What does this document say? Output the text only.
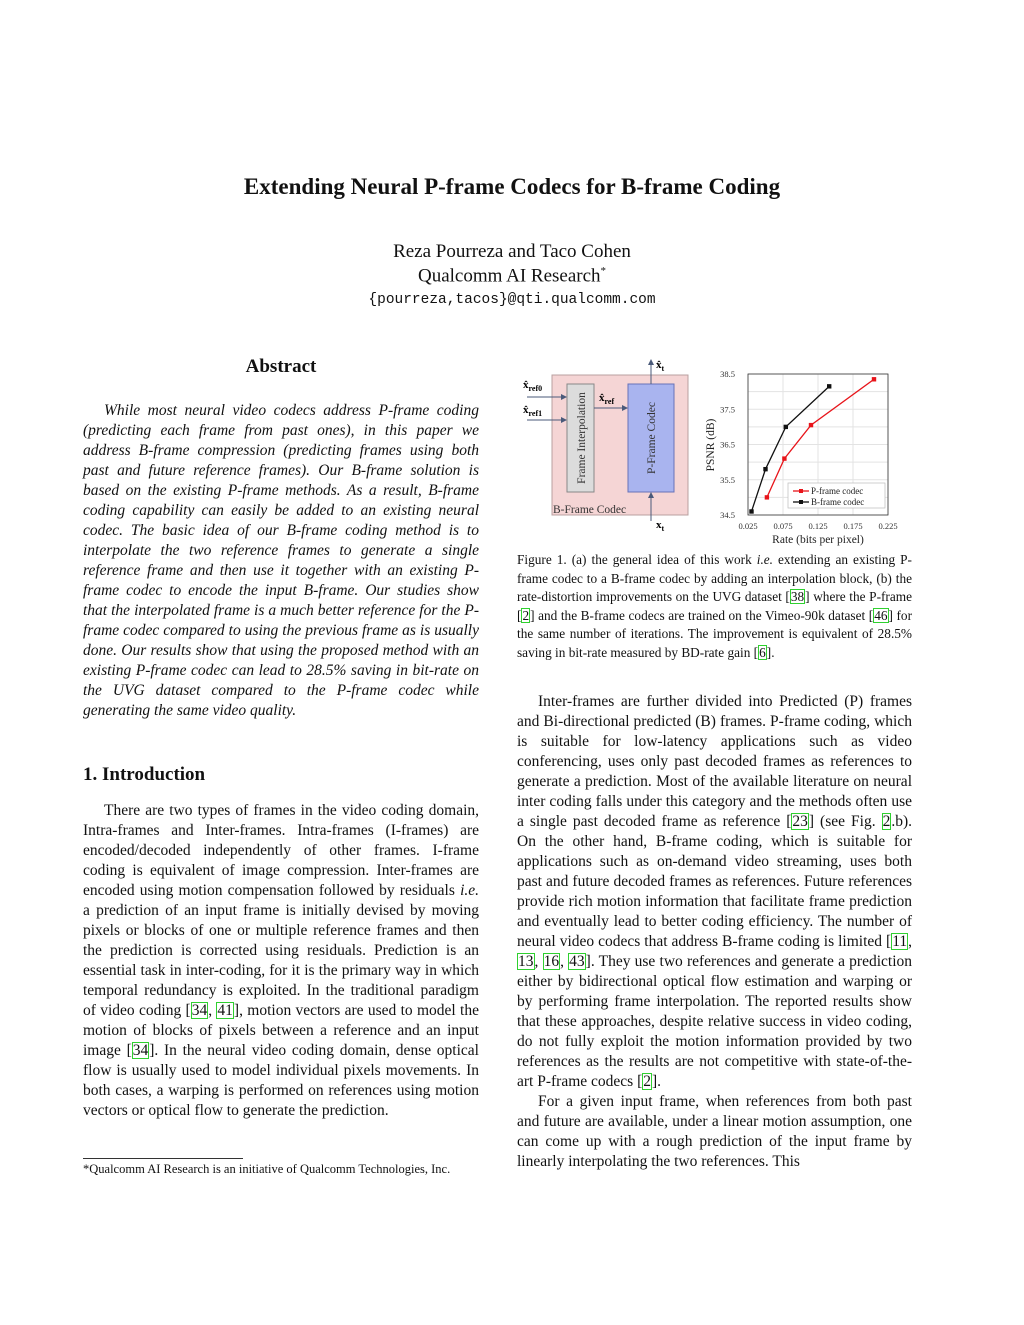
Extending Neural P-frame Codecs for B-frame Coding
Reza Pourreza and Taco Cohen
Qualcomm AI Research*
{pourreza,tacos}@qti.qualcomm.com
Abstract
While most neural video codecs address P-frame coding (predicting each frame from past ones), in this paper we address B-frame compression (predicting frames using both past and future reference frames). Our B-frame solution is based on the existing P-frame methods. As a result, B-frame coding capability can easily be added to an existing neural codec. The basic idea of our B-frame coding method is to interpolate the two reference frames to generate a single reference frame and then use it together with an existing P-frame codec to encode the input B-frame. Our studies show that the interpolated frame is a much better reference for the P-frame codec compared to using the previous frame as is usually done. Our results show that using the proposed method with an existing P-frame codec can lead to 28.5% saving in bit-rate on the UVG dataset compared to the P-frame codec while generating the same video quality.
1. Introduction
There are two types of frames in the video coding domain, Intra-frames and Inter-frames. Intra-frames (I-frames) are encoded/decoded independently of other frames. I-frame coding is equivalent of image compression. Inter-frames are encoded using motion compensation followed by residuals i.e. a prediction of an input frame is initially devised by moving pixels or blocks of one or multiple reference frames and then the prediction is corrected using residuals. Prediction is an essential task in inter-coding, for it is the primary way in which temporal redundancy is exploited. In the traditional paradigm of video coding [34, 41], motion vectors are used to model the motion of blocks of pixels between a reference and an input image [34]. In the neural video coding domain, dense optical flow is usually used to model individual pixels movements. In both cases, a warping is performed on references using motion vectors or optical flow to generate the prediction.
*Qualcomm AI Research is an initiative of Qualcomm Technologies, Inc.
$x̂_{ref0}$
$x̂_{ref1}$
$x̂_{ref}$
$x̂_t$
$x_t$
Frame Interpolation	P-Frame Codec
B-Frame Codec
38.5
37.5
36.5
35.5
34.5
0.025 0.075 0.125 0.175 0.225
Rate (bits per pixel)
PSNR (dB)
P-frame codec
B-frame codec
Figure 1. (a) the general idea of this work i.e. extending an existing P-frame codec to a B-frame codec by adding an interpolation block, (b) the rate-distortion improvements on the UVG dataset [38] where the P-frame [2] and the B-frame codecs are trained on the Vimeo-90k dataset [46] for the same number of iterations. The improvement is equivalent of 28.5% saving in bit-rate measured by BD-rate gain [6].
Inter-frames are further divided into Predicted (P) frames and Bi-directional predicted (B) frames. P-frame coding, which is suitable for low-latency applications such as video conferencing, uses only past decoded frames as references to generate a prediction. Most of the available literature on neural inter coding falls under this category and the methods often use a single past decoded frame as reference [23] (see Fig. 2.b). On the other hand, B-frame coding, which is suitable for applications such as on-demand video streaming, uses both past and future decoded frames as references. Future references provide rich motion information that facilitate frame prediction and eventually lead to better coding efficiency. The number of neural video codecs that address B-frame coding is limited [11, 13, 16, 43]. They use two references and generate a prediction either by bidirectional optical flow estimation and warping or by performing frame interpolation. The reported results show that these approaches, despite relative success in video coding, do not fully exploit the motion information provided by two references as the results are not competitive with state-of-the-art P-frame codecs [2].
For a given input frame, when references from both past and future are available, under a linear motion assumption, one can come up with a rough prediction of the input frame by linearly interpolating the two references. This
